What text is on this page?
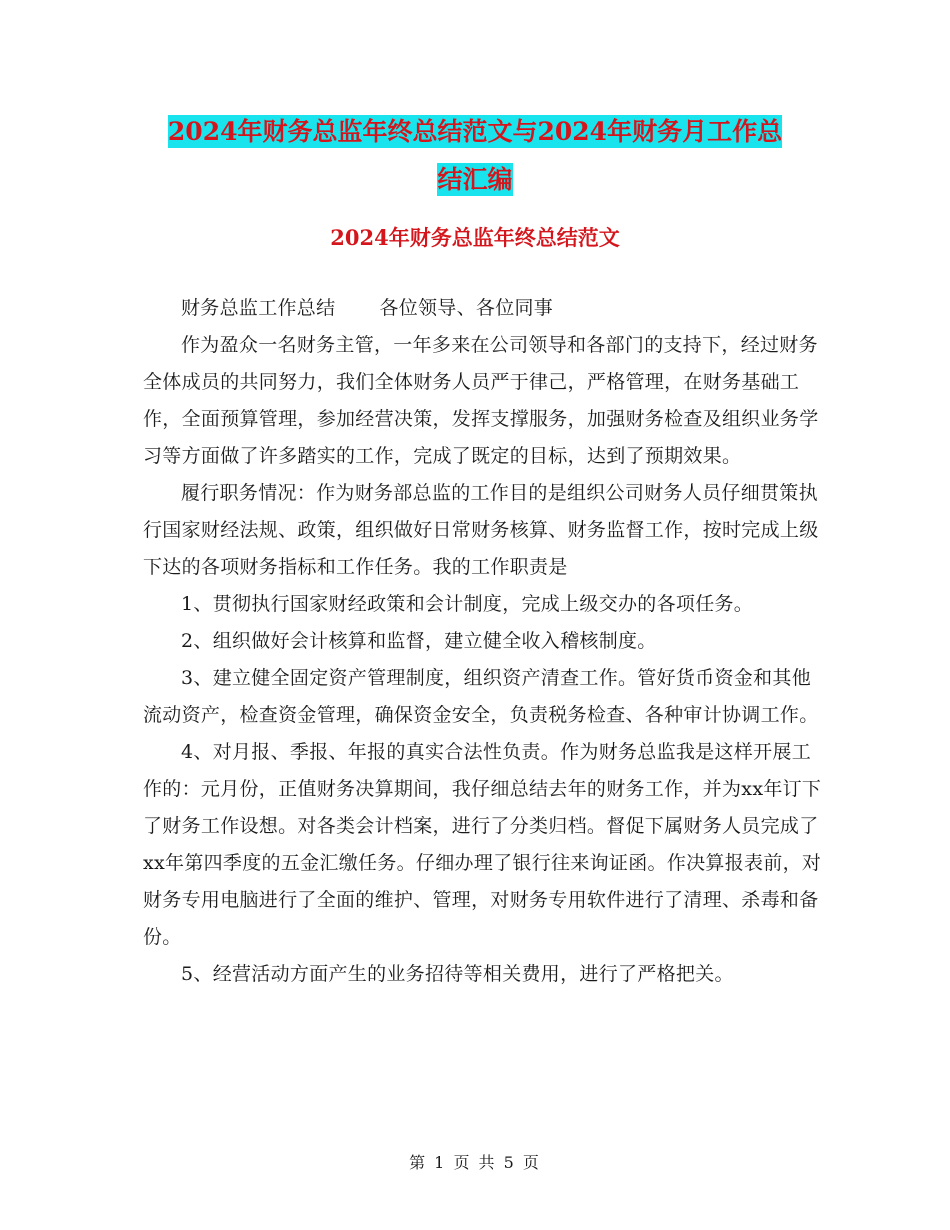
2024年财务总监年终总结范文与2024年财务月工作总
结汇编
2024年财务总监年终总结范文

财务总监工作总结 各位领导、各位同事

作为盈众一名财务主管，一年多来在公司领导和各部门的支持下，经过财务全体成员的共同努力，我们全体财务人员严于律己，严格管理，在财务基础工作，全面预算管理，参加经营决策，发挥支撑服务，加强财务检查及组织业务学习等方面做了许多踏实的工作，完成了既定的目标，达到了预期效果。

履行职务情况：作为财务部总监的工作目的是组织公司财务人员仔细贯策执行国家财经法规、政策，组织做好日常财务核算、财务监督工作，按时完成上级下达的各项财务指标和工作任务。我的工作职责是

1、贯彻执行国家财经政策和会计制度，完成上级交办的各项任务。

2、组织做好会计核算和监督，建立健全收入稽核制度。

3、建立健全固定资产管理制度，组织资产清查工作。管好货币资金和其他流动资产，检查资金管理，确保资金安全，负责税务检查、各种审计协调工作。

4、对月报、季报、年报的真实合法性负责。作为财务总监我是这样开展工作的：元月份，正值财务决算期间，我仔细总结去年的财务工作，并为xx年订下了财务工作设想。对各类会计档案，进行了分类归档。督促下属财务人员完成了xx年第四季度的五金汇缴任务。仔细办理了银行往来询证函。作决算报表前，对财务专用电脑进行了全面的维护、管理，对财务专用软件进行了清理、杀毒和备份。

5、经营活动方面产生的业务招待等相关费用，进行了严格把关。

第 1 页 共 5 页
